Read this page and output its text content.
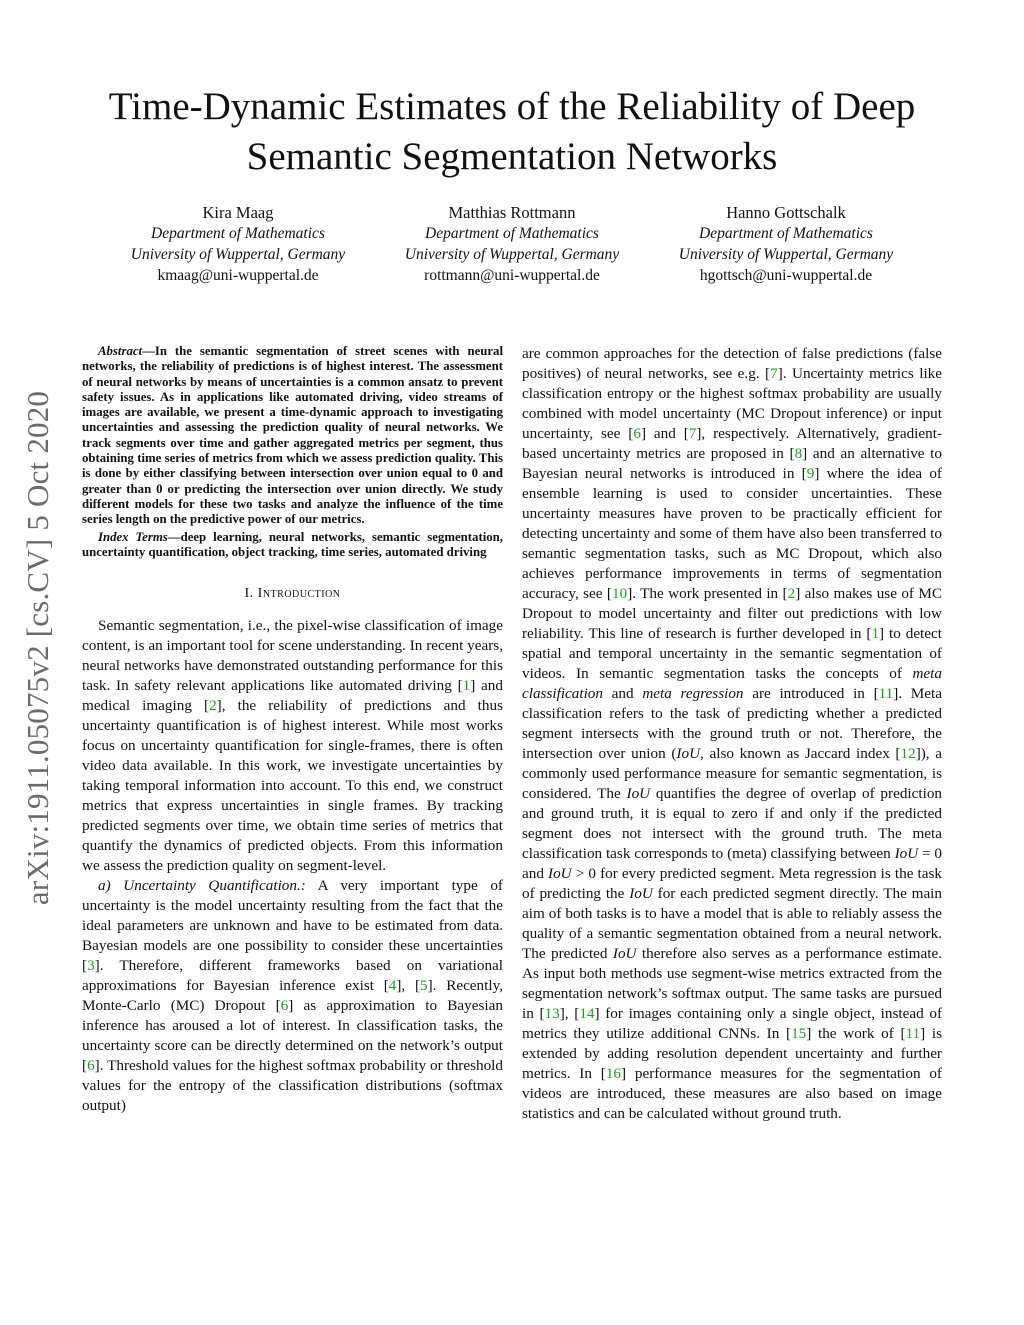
arXiv:1911.05075v2 [cs.CV] 5 Oct 2020
Time-Dynamic Estimates of the Reliability of Deep
Semantic Segmentation Networks
Kira Maag
Department of Mathematics
University of Wuppertal, Germany
kmaag@uni-wuppertal.de
Matthias Rottmann
Department of Mathematics
University of Wuppertal, Germany
rottmann@uni-wuppertal.de
Hanno Gottschalk
Department of Mathematics
University of Wuppertal, Germany
hgottsch@uni-wuppertal.de

Abstract—In the semantic segmentation of street scenes with neural networks, the reliability of predictions is of highest interest. The assessment of neural networks by means of uncertainties is a common ansatz to prevent safety issues. As in applications like automated driving, video streams of images are available, we present a time-dynamic approach to investigating uncertainties and assessing the prediction quality of neural networks. We track segments over time and gather aggregated metrics per segment, thus obtaining time series of metrics from which we assess prediction quality. This is done by either classifying between intersection over union equal to 0 and greater than 0 or predicting the intersection over union directly. We study different models for these two tasks and analyze the influence of the time series length on the predictive power of our metrics.

Index Terms—deep learning, neural networks, semantic segmentation, uncertainty quantification, object tracking, time series, automated driving

I. Introduction

Semantic segmentation, i.e., the pixel-wise classification of image content, is an important tool for scene understanding. In recent years, neural networks have demonstrated outstanding performance for this task. In safety relevant applications like automated driving [1] and medical imaging [2], the reliability of predictions and thus uncertainty quantification is of highest interest. While most works focus on uncertainty quantification for single-frames, there is often video data available. In this work, we investigate uncertainties by taking temporal information into account. To this end, we construct metrics that express uncertainties in single frames. By tracking predicted segments over time, we obtain time series of metrics that quantify the dynamics of predicted objects. From this information we assess the prediction quality on segment-level.

a) Uncertainty Quantification.: A very important type of uncertainty is the model uncertainty resulting from the fact that the ideal parameters are unknown and have to be estimated from data. Bayesian models are one possibility to consider these uncertainties [3]. Therefore, different frameworks based on variational approximations for Bayesian inference exist [4], [5]. Recently, Monte-Carlo (MC) Dropout [6] as approximation to Bayesian inference has aroused a lot of interest. In classification tasks, the uncertainty score can be directly determined on the network’s output [6]. Threshold values for the highest softmax probability or threshold values for the entropy of the classification distributions (softmax output)

are common approaches for the detection of false predictions (false positives) of neural networks, see e.g. [7]. Uncertainty metrics like classification entropy or the highest softmax probability are usually combined with model uncertainty (MC Dropout inference) or input uncertainty, see [6] and [7], respectively. Alternatively, gradient-based uncertainty metrics are proposed in [8] and an alternative to Bayesian neural networks is introduced in [9] where the idea of ensemble learning is used to consider uncertainties. These uncertainty measures have proven to be practically efficient for detecting uncertainty and some of them have also been transferred to semantic segmentation tasks, such as MC Dropout, which also achieves performance improvements in terms of segmentation accuracy, see [10]. The work presented in [2] also makes use of MC Dropout to model uncertainty and filter out predictions with low reliability. This line of research is further developed in [1] to detect spatial and temporal uncertainty in the semantic segmentation of videos. In semantic segmentation tasks the concepts of meta classification and meta regression are introduced in [11]. Meta classification refers to the task of predicting whether a predicted segment intersects with the ground truth or not. Therefore, the intersection over union (IoU, also known as Jaccard index [12]), a commonly used performance measure for semantic segmentation, is considered. The IoU quantifies the degree of overlap of prediction and ground truth, it is equal to zero if and only if the predicted segment does not intersect with the ground truth. The meta classification task corresponds to (meta) classifying between IoU = 0 and IoU > 0 for every predicted segment. Meta regression is the task of predicting the IoU for each predicted segment directly. The main aim of both tasks is to have a model that is able to reliably assess the quality of a semantic segmentation obtained from a neural network. The predicted IoU therefore also serves as a performance estimate. As input both methods use segment-wise metrics extracted from the segmentation network’s softmax output. The same tasks are pursued in [13], [14] for images containing only a single object, instead of metrics they utilize additional CNNs. In [15] the work of [11] is extended by adding resolution dependent uncertainty and further metrics. In [16] performance measures for the segmentation of videos are introduced, these measures are also based on image statistics and can be calculated without ground truth.
